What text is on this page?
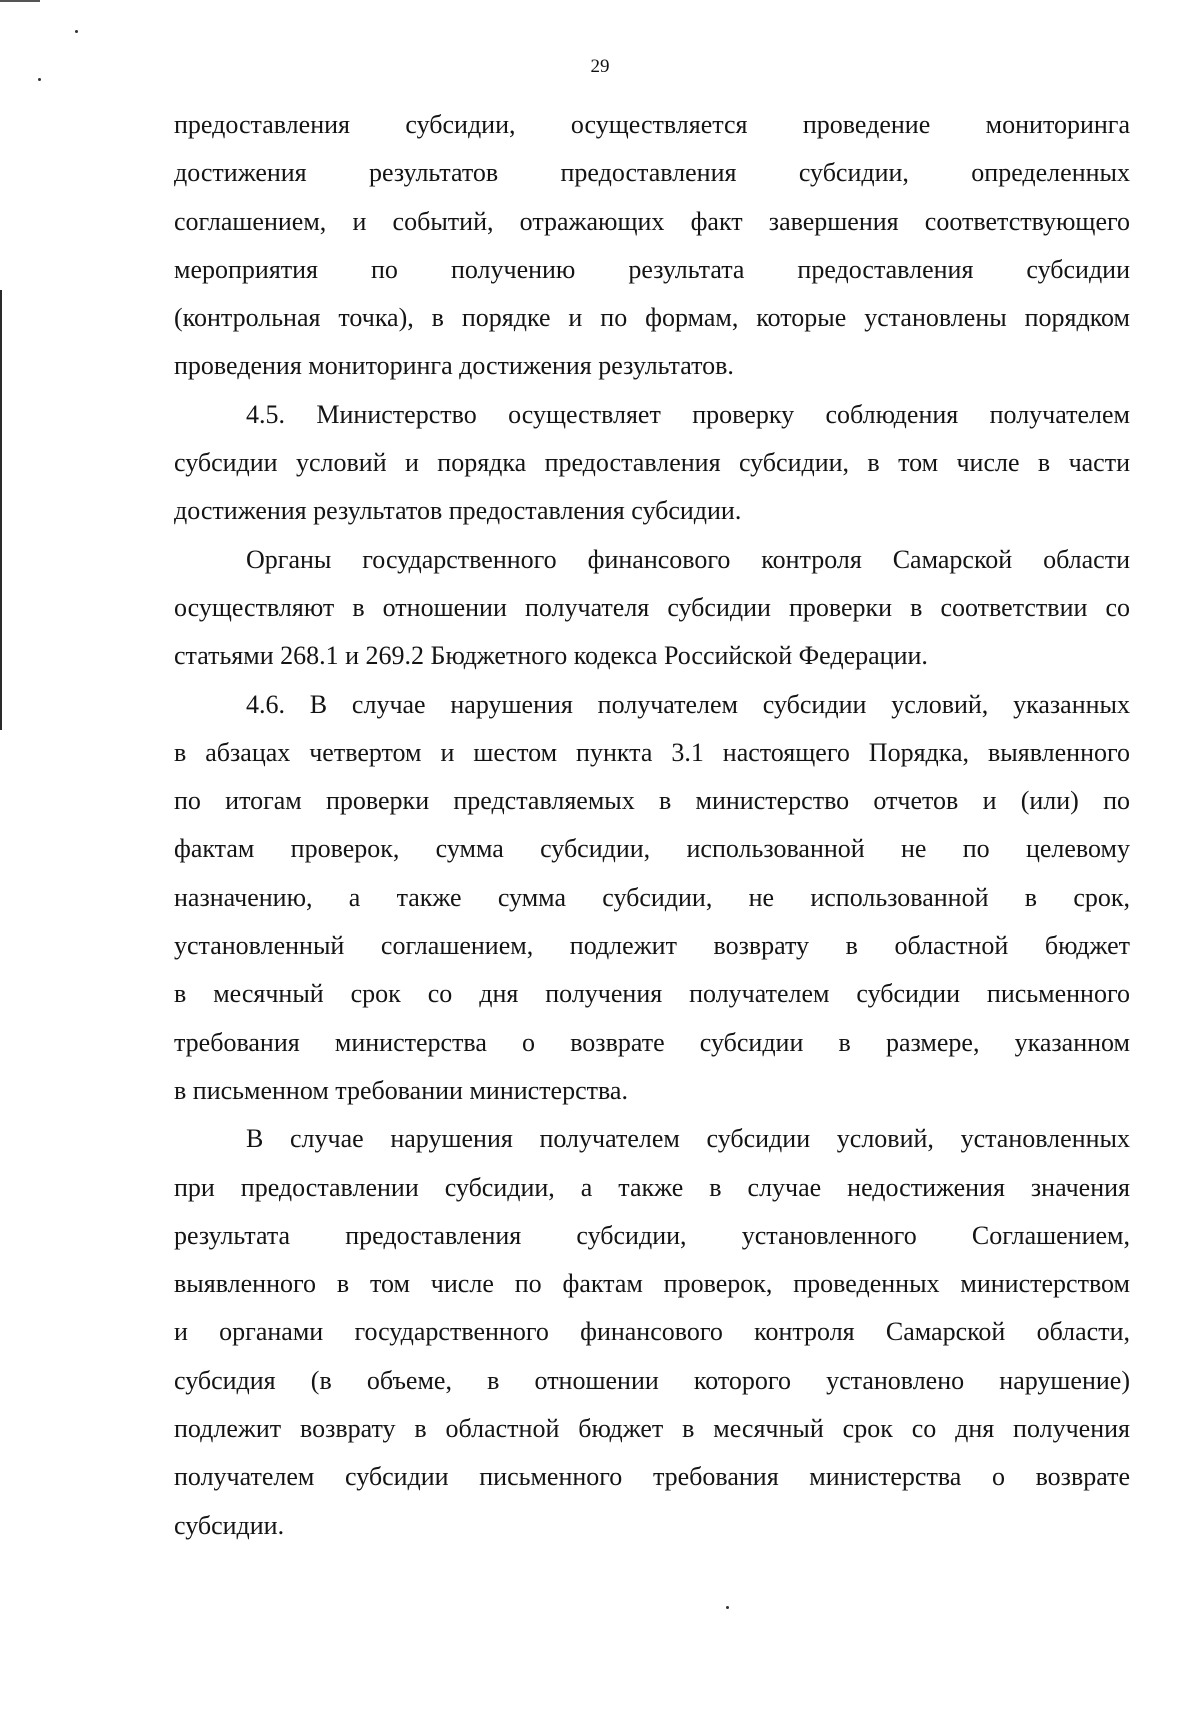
29
предоставления субсидии, осуществляется проведение мониторинга
достижения результатов предоставления субсидии, определенных
соглашением, и событий, отражающих факт завершения соответствующего
мероприятия по получению результата предоставления субсидии
(контрольная точка), в порядке и по формам, которые установлены порядком
проведения мониторинга достижения результатов.
4.5. Министерство осуществляет проверку соблюдения получателем
субсидии условий и порядка предоставления субсидии, в том числе в части
достижения результатов предоставления субсидии.
Органы государственного финансового контроля Самарской области
осуществляют в отношении получателя субсидии проверки в соответствии со
статьями 268.1 и 269.2 Бюджетного кодекса Российской Федерации.
4.6. В случае нарушения получателем субсидии условий, указанных
в абзацах четвертом и шестом пункта 3.1 настоящего Порядка, выявленного
по итогам проверки представляемых в министерство отчетов и (или) по
фактам проверок, сумма субсидии, использованной не по целевому
назначению, а также сумма субсидии, не использованной в срок,
установленный соглашением, подлежит возврату в областной бюджет
в месячный срок со дня получения получателем субсидии письменного
требования министерства о возврате субсидии в размере, указанном
в письменном требовании министерства.
В случае нарушения получателем субсидии условий, установленных
при предоставлении субсидии, а также в случае недостижения значения
результата предоставления субсидии, установленного Соглашением,
выявленного в том числе по фактам проверок, проведенных министерством
и органами государственного финансового контроля Самарской области,
субсидия (в объеме, в отношении которого установлено нарушение)
подлежит возврату в областной бюджет в месячный срок со дня получения
получателем субсидии письменного требования министерства о возврате
субсидии.
